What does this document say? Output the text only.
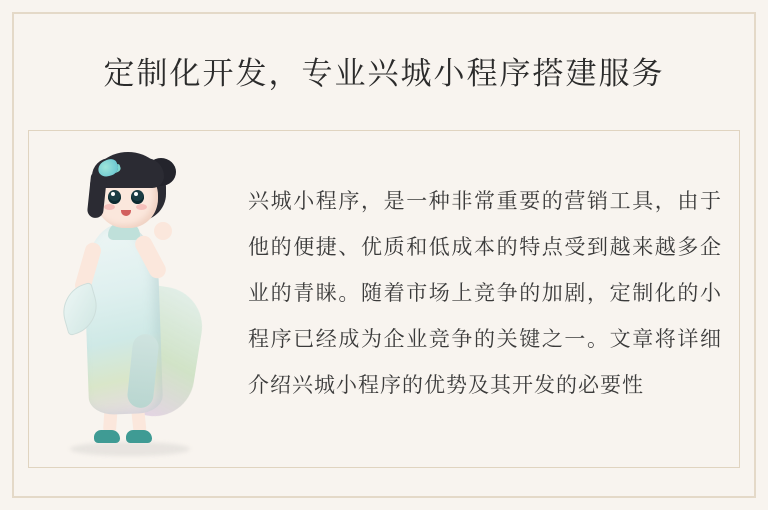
定制化开发，专业兴城小程序搭建服务
兴城小程序，是一种非常重要的营销工具，由于他的便捷、优质和低成本的特点受到越来越多企业的青睐。随着市场上竞争的加剧，定制化的小程序已经成为企业竞争的关键之一。文章将详细介绍兴城小程序的优势及其开发的必要性
